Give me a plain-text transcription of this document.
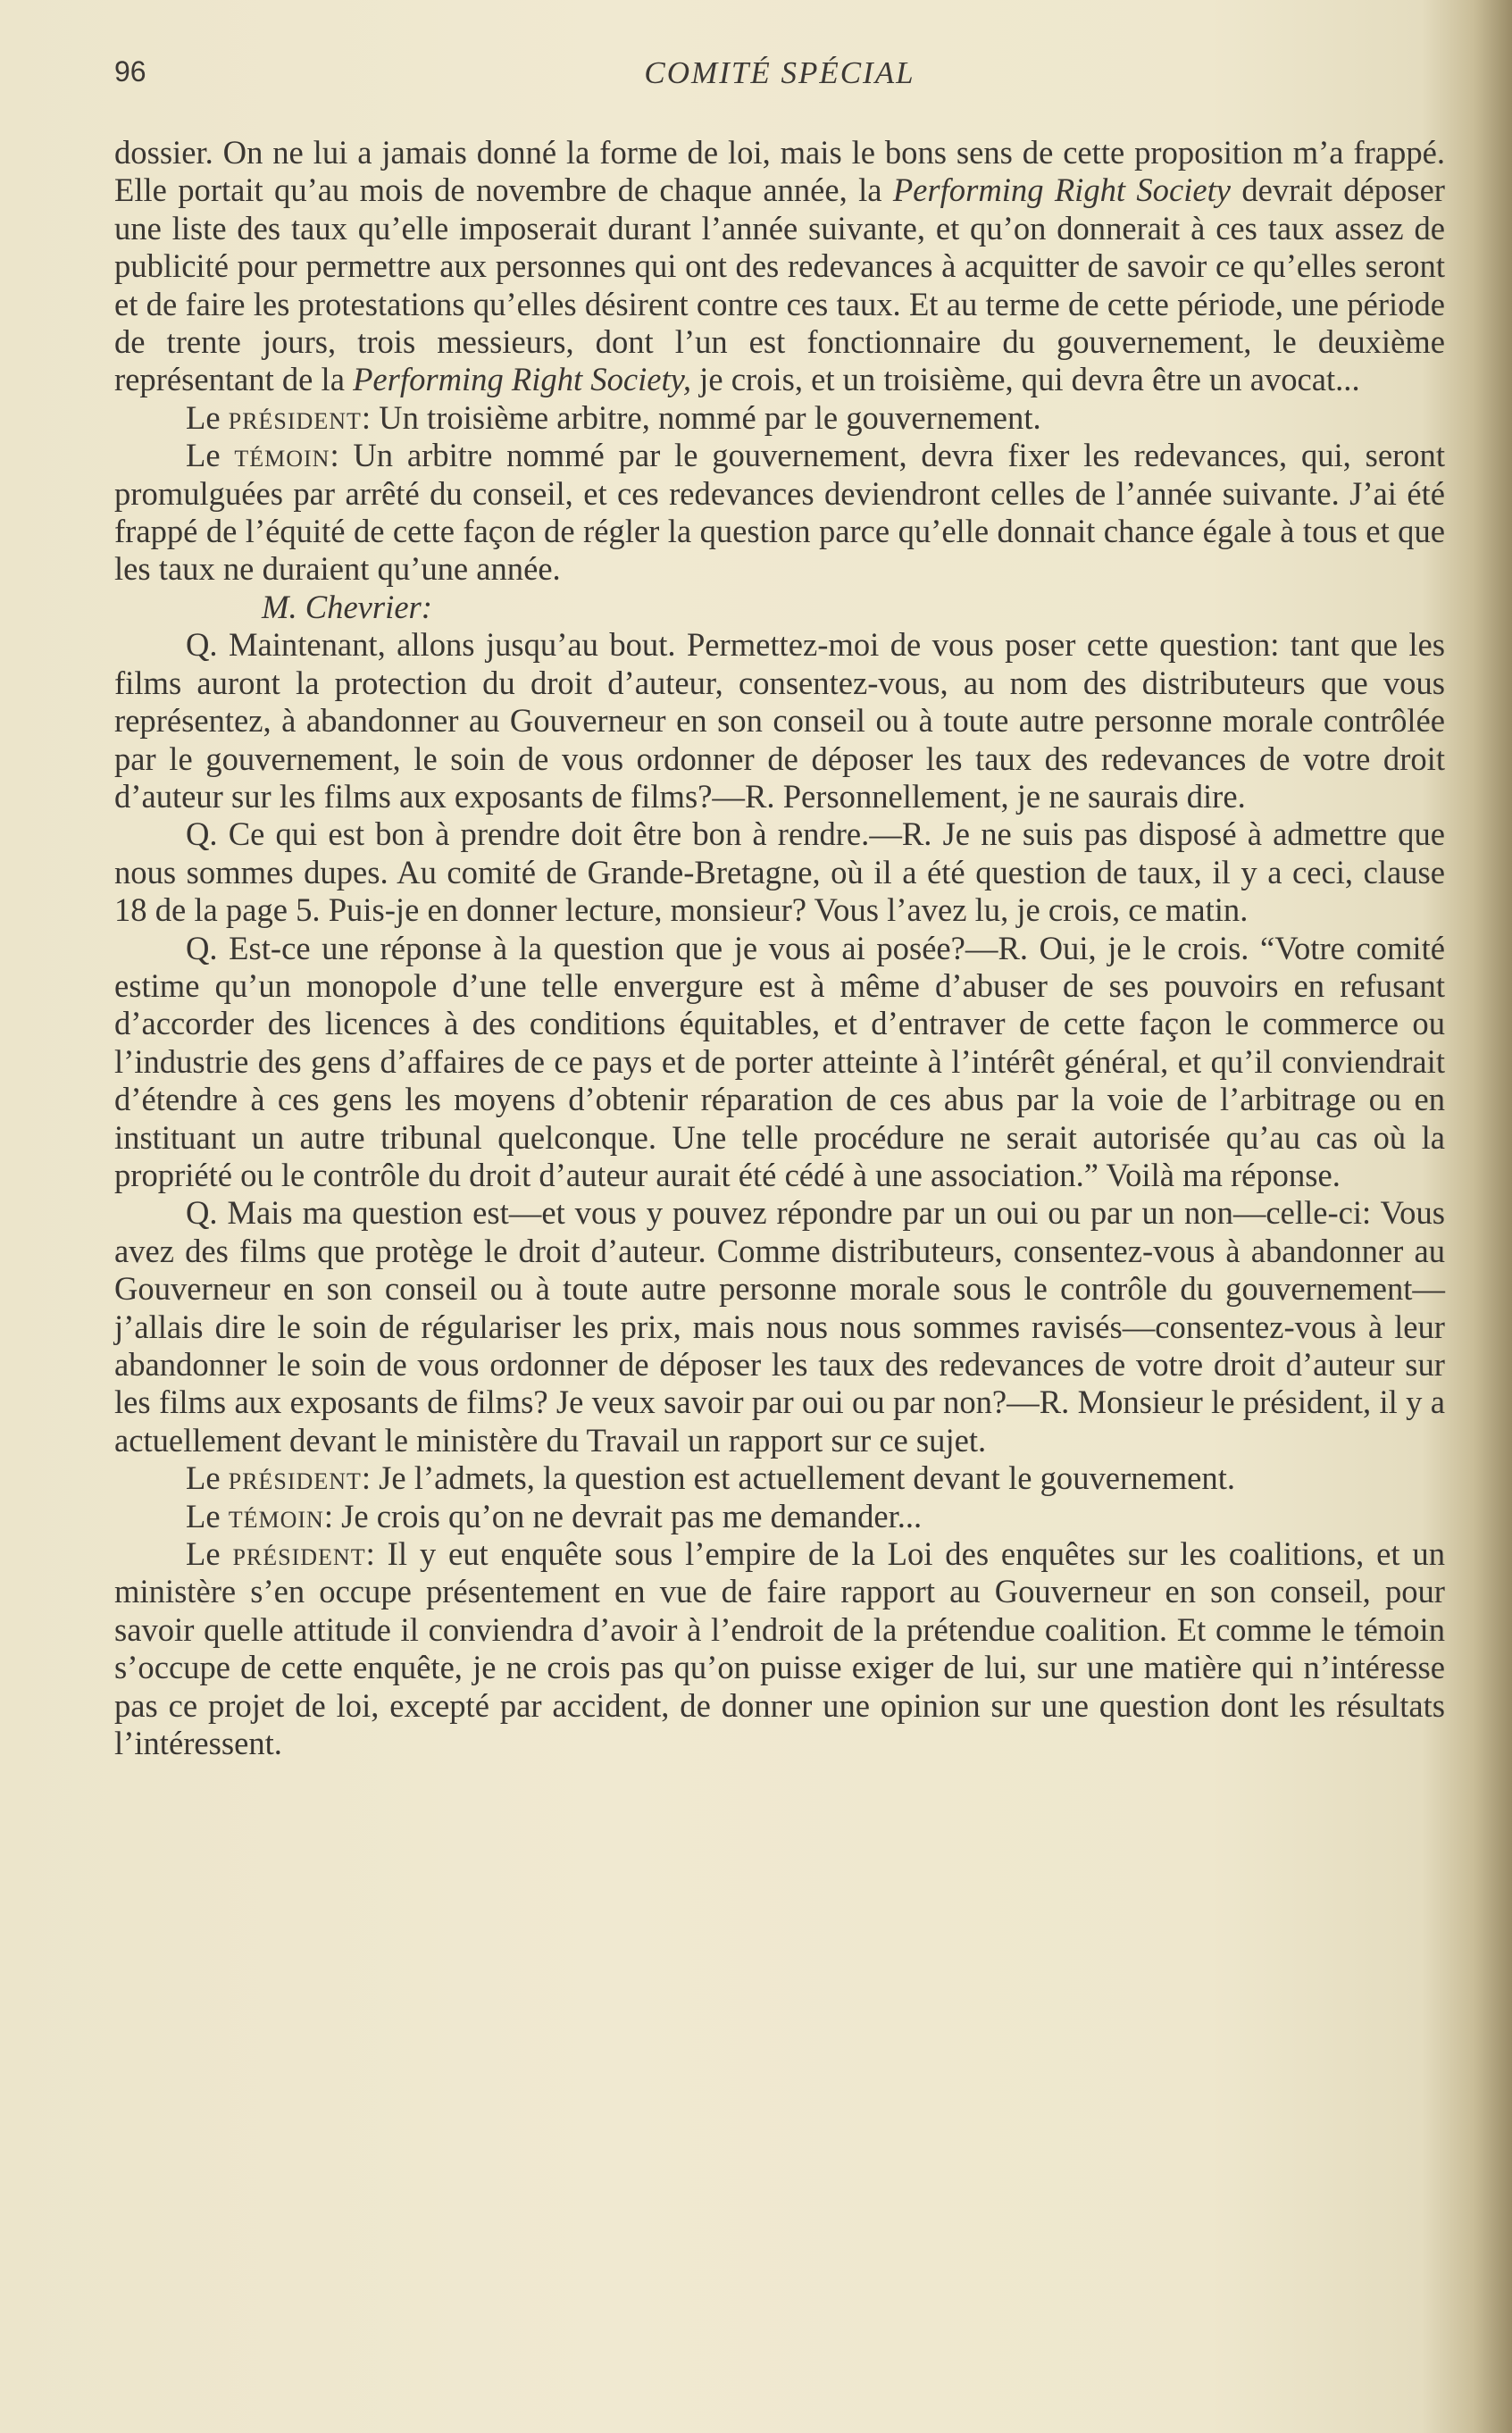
96	COMITÉ SPÉCIAL

dossier. On ne lui a jamais donné la forme de loi, mais le bons sens de cette proposition m’a frappé. Elle portait qu’au mois de novembre de chaque année, la Performing Right Society devrait déposer une liste des taux qu’elle imposerait durant l’année suivante, et qu’on donnerait à ces taux assez de publicité pour permettre aux personnes qui ont des redevances à acquitter de savoir ce qu’elles seront et de faire les protestations qu’elles désirent contre ces taux. Et au terme de cette période, une période de trente jours, trois messieurs, dont l’un est fonctionnaire du gouvernement, le deuxième représentant de la Performing Right Society, je crois, et un troisième, qui devra être un avocat...

Le président: Un troisième arbitre, nommé par le gouvernement.

Le témoin: Un arbitre nommé par le gouvernement, devra fixer les redevances, qui, seront promulguées par arrêté du conseil, et ces redevances deviendront celles de l’année suivante. J’ai été frappé de l’équité de cette façon de régler la question parce qu’elle donnait chance égale à tous et que les taux ne duraient qu’une année.

M. Chevrier:

Q. Maintenant, allons jusqu’au bout. Permettez-moi de vous poser cette question: tant que les films auront la protection du droit d’auteur, consentez-vous, au nom des distributeurs que vous représentez, à abandonner au Gouverneur en son conseil ou à toute autre personne morale contrôlée par le gouvernement, le soin de vous ordonner de déposer les taux des redevances de votre droit d’auteur sur les films aux exposants de films?—R. Personnellement, je ne saurais dire.

Q. Ce qui est bon à prendre doit être bon à rendre.—R. Je ne suis pas disposé à admettre que nous sommes dupes. Au comité de Grande-Bretagne, où il a été question de taux, il y a ceci, clause 18 de la page 5. Puis-je en donner lecture, monsieur? Vous l’avez lu, je crois, ce matin.

Q. Est-ce une réponse à la question que je vous ai posée?—R. Oui, je le crois. “Votre comité estime qu’un monopole d’une telle envergure est à même d’abuser de ses pouvoirs en refusant d’accorder des licences à des conditions équitables, et d’entraver de cette façon le commerce ou l’industrie des gens d’affaires de ce pays et de porter atteinte à l’intérêt général, et qu’il conviendrait d’étendre à ces gens les moyens d’obtenir réparation de ces abus par la voie de l’arbitrage ou en instituant un autre tribunal quelconque. Une telle procédure ne serait autorisée qu’au cas où la propriété ou le contrôle du droit d’auteur aurait été cédé à une association.” Voilà ma réponse.

Q. Mais ma question est—et vous y pouvez répondre par un oui ou par un non—celle-ci: Vous avez des films que protège le droit d’auteur. Comme distributeurs, consentez-vous à abandonner au Gouverneur en son conseil ou à toute autre personne morale sous le contrôle du gouvernement—j’allais dire le soin de régulariser les prix, mais nous nous sommes ravisés—consentez-vous à leur abandonner le soin de vous ordonner de déposer les taux des redevances de votre droit d’auteur sur les films aux exposants de films? Je veux savoir par oui ou par non?—R. Monsieur le président, il y a actuellement devant le ministère du Travail un rapport sur ce sujet.

Le président: Je l’admets, la question est actuellement devant le gouvernement.

Le témoin: Je crois qu’on ne devrait pas me demander...

Le président: Il y eut enquête sous l’empire de la Loi des enquêtes sur les coalitions, et un ministère s’en occupe présentement en vue de faire rapport au Gouverneur en son conseil, pour savoir quelle attitude il conviendra d’avoir à l’endroit de la prétendue coalition. Et comme le témoin s’occupe de cette enquête, je ne crois pas qu’on puisse exiger de lui, sur une matière qui n’intéresse pas ce projet de loi, excepté par accident, de donner une opinion sur une question dont les résultats l’intéressent.
